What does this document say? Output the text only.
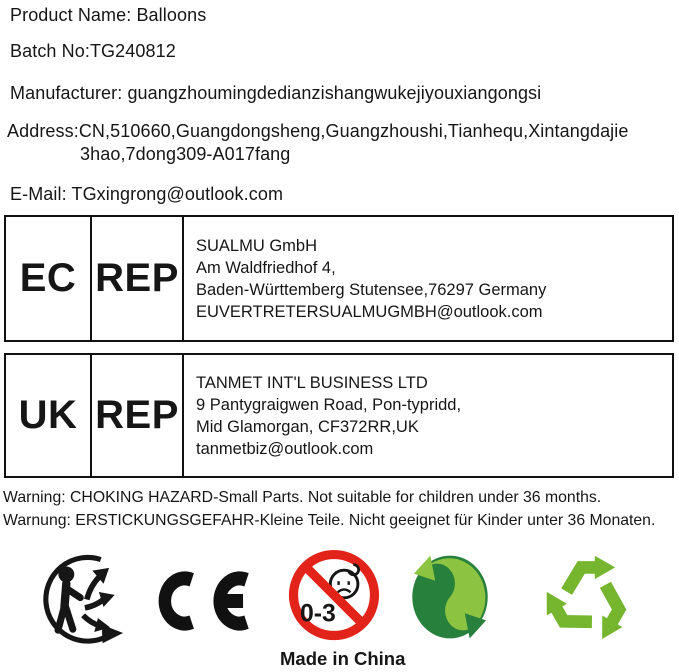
Product Name: Balloons
Batch No:TG240812
Manufacturer: guangzhoumingdedianzishangwukejiyouxiangongsi
Address:CN,510660,Guangdongsheng,Guangzhoushi,Tianhequ,Xintangdajie
3hao,7dong309-A017fang
E-Mail: TGxingrong@outlook.com
EC REP
SUALMU GmbH
Am Waldfriedhof 4,
Baden-Württemberg Stutensee,76297 Germany
EUVERTRETERSUALMUGMBH@outlook.com
UK REP
TANMET INT'L BUSINESS LTD
9 Pantygraigwen Road, Pon-typridd,
Mid Glamorgan, CF372RR,UK
tanmetbiz@outlook.com
Warning: CHOKING HAZARD-Small Parts. Not suitable for children under 36 months.
Warnung: ERSTICKUNGSGEFAHR-Kleine Teile. Nicht geeignet für Kinder unter 36 Monaten.
0-3
Made in China
